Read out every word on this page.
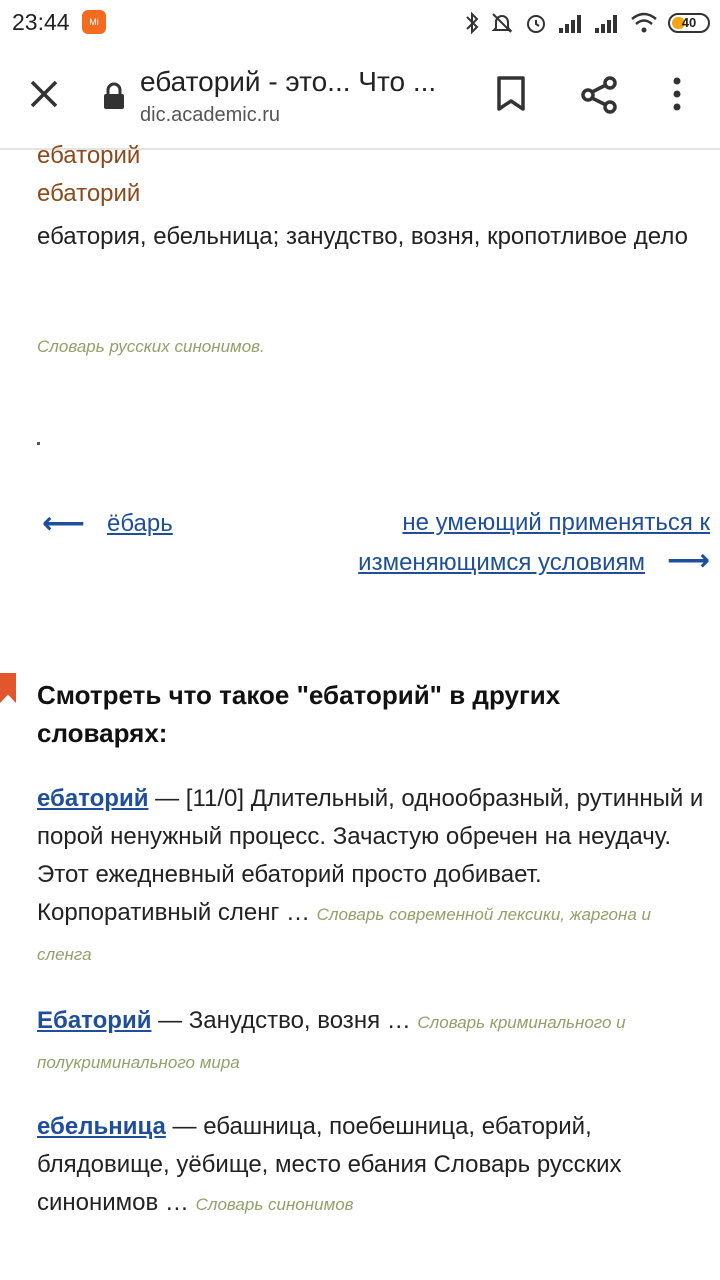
23:44	Mi	40
ебаторий - это... Что ...
dic.academic.ru
ебаторий
ебаторий
ебатория, ебельница; занудство, возня, кропотливое дело
Словарь русских синонимов.
⟵ ёбарь	не умеющий применяться к изменяющимся условиям ⟶
Смотреть что такое "ебаторий" в других словарях:
ебаторий — [11/0] Длительный, однообразный, рутинный и порой ненужный процесс. Зачастую обречен на неудачу. Этот ежедневный ебаторий просто добивает. Корпоративный сленг … Словарь современной лексики, жаргона и сленга
Ебаторий — Занудство, возня … Словарь криминального и полукриминального мира
ебельница — ебашница, поебешница, ебаторий, блядовище, уёбище, место ебания Словарь русских синонимов … Словарь синонимов
